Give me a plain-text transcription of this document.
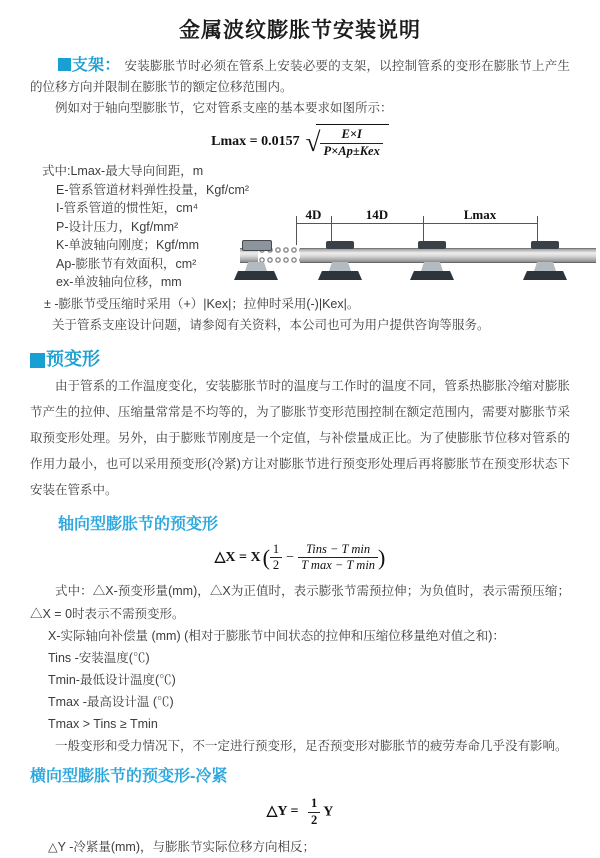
金属波纹膨胀节安装说明

支架： 安装膨胀节时必须在管系上安装必要的支架，以控制管系的变形在膨胀节上产生的位移方向并限制在膨胀节的额定位移范围内。

例如对于轴向型膨胀节，它对管系支座的基本要求如图所示：

Lmax = 0.0157 √ $\frac{E\times I}{\text{P×Ap±Kex}}$
式中:Lmax-最大导向间距，m
E-管系管道材料弹性投量，Kgf/cm²
I-管系管道的惯性矩，cm⁴
P-设计压力，Kgf/mm²
K-单波轴向刚度；Kgf/mm
Ap-膨胀节有效面积，cm²
ex-单波轴向位移，mm
± -膨胀节受压缩时采用（+）|Kex|；拉伸时采用(-)|Kex|。
关于管系支座设计问题，请参阅有关资料，本公司也可为用户提供咨询等服务。
预变形

由于管系的工作温度变化，安装膨胀节时的温度与工作时的温度不同，管系热膨胀冷缩对膨胀节产生的拉伸、压缩量常常是不均等的，为了膨胀节变形范围控制在额定范围内，需要对膨胀节采取预变形处理。另外，由于膨账节刚度是一个定值，与补偿量成正比。为了使膨胀节位移对管系的作用力最小，也可以采用预变形(冷紧)方让对膨胀节进行预变形处理后再将膨胀节在预变形状态下安装在管系中。

轴向型膨胀节的预变形
△X = $X( \frac{1}{2} - \frac{\text{Tins − T min}}{\text{T max − T min}}$ )

式中：△X-预变形量(mm)，△X为正值时，表示膨张节需预拉伸；为负值时，表示需预压缩；△X = 0时表示不需预变形。

X-实际轴向补偿量 (mm) (相对于膨胀节中间状态的拉伸和压缩位移量绝对值之和)：
Tins -安装温度(℃)
Tmin-最低设计温度(℃)
Tmax -最高设计温 (℃)
Tmax > Tins ≥ Tmin
一般变形和受力情况下，不一定进行预变形，足否预变形对膨胀节的疲劳寿命几乎没有影响。
横向型膨胀节的预变形-冷紧
△Y = $\frac{1}{2}$ Y
△Y -冷紧量(mm)，与膨胀节实际位移方向相反；
4D	14D	Lmax
